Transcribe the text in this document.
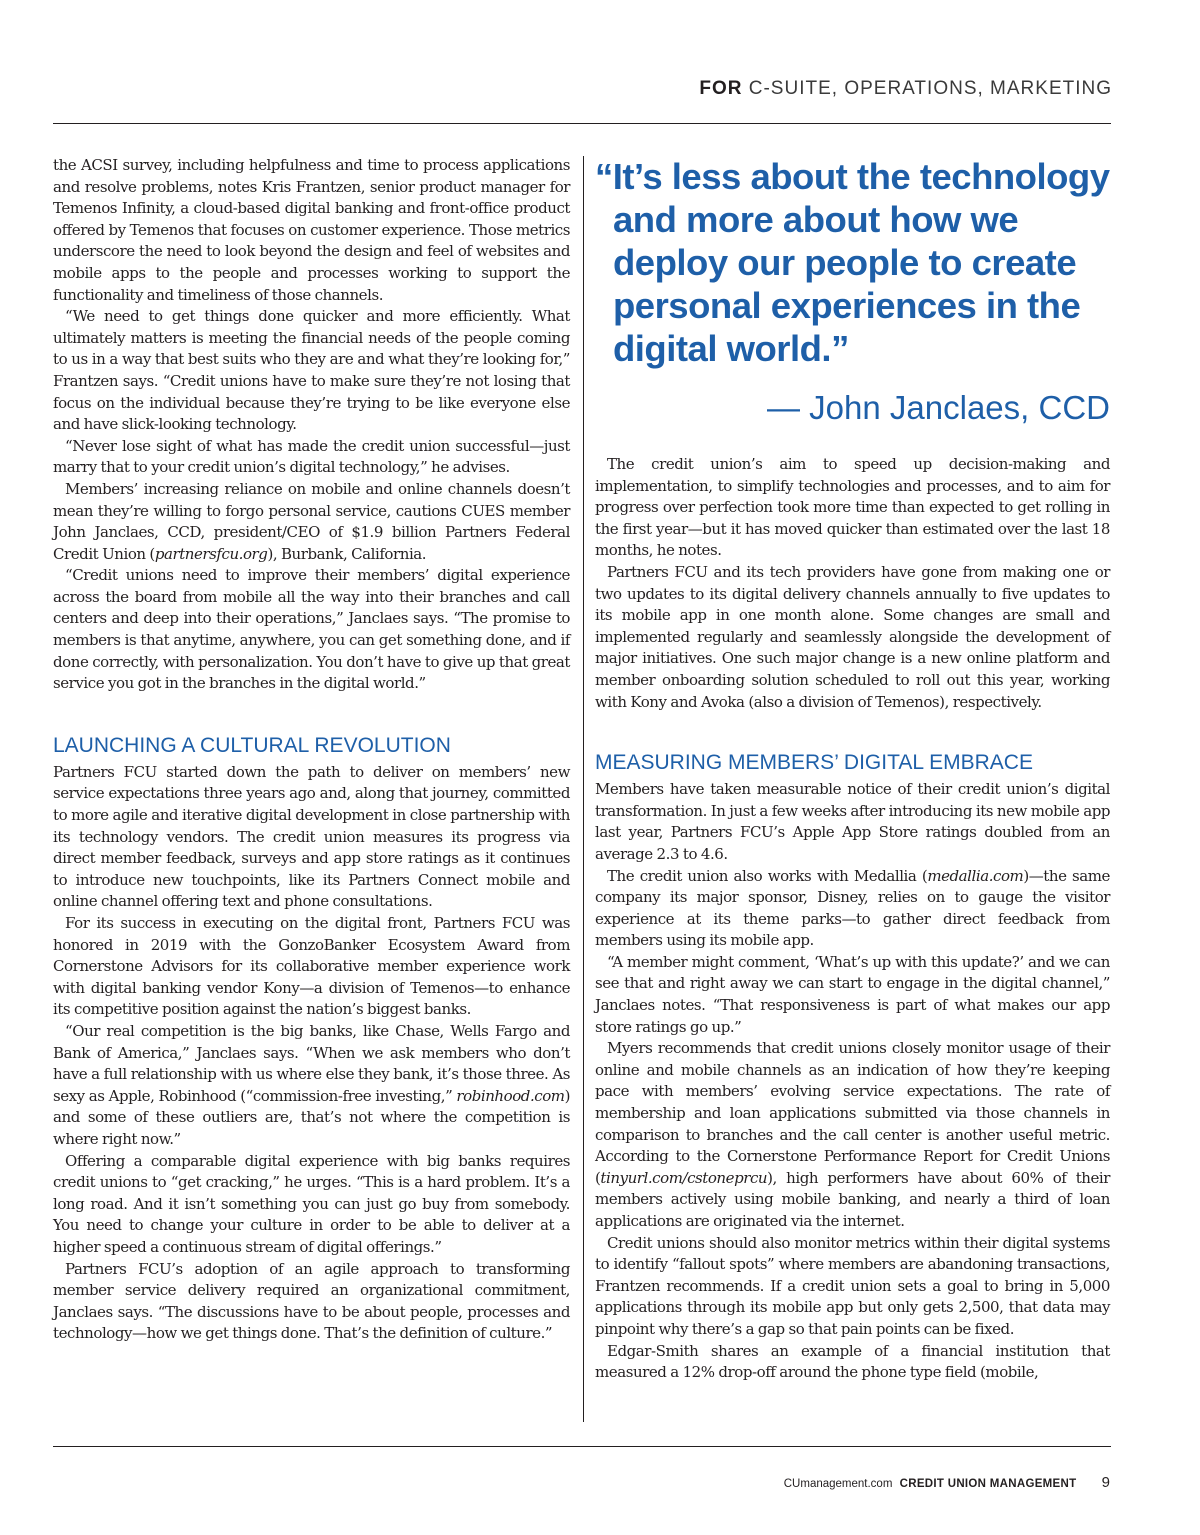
FOR C-SUITE, OPERATIONS, MARKETING

the ACSI survey, including helpfulness and time to process applications and resolve problems, notes Kris Frantzen, senior product manager for Temenos Infinity, a cloud-based digital banking and front-office product offered by Temenos that focuses on customer experience. Those metrics underscore the need to look beyond the design and feel of websites and mobile apps to the people and processes working to support the functionality and timeliness of those channels.

“We need to get things done quicker and more efficiently. What ultimately matters is meeting the financial needs of the people coming to us in a way that best suits who they are and what they’re looking for,” Frantzen says. “Credit unions have to make sure they’re not losing that focus on the individual because they’re trying to be like everyone else and have slick-looking technology.

“Never lose sight of what has made the credit union successful—just marry that to your credit union’s digital technology,” he advises.

Members’ increasing reliance on mobile and online channels doesn’t mean they’re willing to forgo personal service, cautions CUES member John Janclaes, CCD, president/CEO of $1.9 billion Partners Federal Credit Union (partnersfcu.org), Burbank, California.

“Credit unions need to improve their members’ digital experience across the board from mobile all the way into their branches and call centers and deep into their operations,” Janclaes says. “The promise to members is that anytime, anywhere, you can get something done, and if done correctly, with personalization. You don’t have to give up that great service you got in the branches in the digital world.”

LAUNCHING A CULTURAL REVOLUTION

Partners FCU started down the path to deliver on members’ new service expectations three years ago and, along that journey, committed to more agile and iterative digital development in close partnership with its technology vendors. The credit union measures its progress via direct member feedback, surveys and app store ratings as it continues to introduce new touchpoints, like its Partners Connect mobile and online channel offering text and phone consultations.

For its success in executing on the digital front, Partners FCU was honored in 2019 with the GonzoBanker Ecosystem Award from Cornerstone Advisors for its collaborative member experience work with digital banking vendor Kony—a division of Temenos—to enhance its competitive position against the nation’s biggest banks.

“Our real competition is the big banks, like Chase, Wells Fargo and Bank of America,” Janclaes says. “When we ask members who don’t have a full relationship with us where else they bank, it’s those three. As sexy as Apple, Robinhood (“commission-free investing,” robinhood.com) and some of these outliers are, that’s not where the competition is where right now.”

Offering a comparable digital experience with big banks requires credit unions to “get cracking,” he urges. “This is a hard problem. It’s a long road. And it isn’t something you can just go buy from somebody. You need to change your culture in order to be able to deliver at a higher speed a continuous stream of digital offerings.”

Partners FCU’s adoption of an agile approach to transforming member service delivery required an organizational commitment, Janclaes says. “The discussions have to be about people, processes and technology—how we get things done. That’s the definition of culture.”

“It’s less about the technology and more about how we deploy our people to create personal experiences in the digital world.”

— John Janclaes, CCD

The credit union’s aim to speed up decision-making and implementation, to simplify technologies and processes, and to aim for progress over perfection took more time than expected to get rolling in the first year—but it has moved quicker than estimated over the last 18 months, he notes.

Partners FCU and its tech providers have gone from making one or two updates to its digital delivery channels annually to five updates to its mobile app in one month alone. Some changes are small and implemented regularly and seamlessly alongside the development of major initiatives. One such major change is a new online platform and member onboarding solution scheduled to roll out this year, working with Kony and Avoka (also a division of Temenos), respectively.

MEASURING MEMBERS’ DIGITAL EMBRACE

Members have taken measurable notice of their credit union’s digital transformation. In just a few weeks after introducing its new mobile app last year, Partners FCU’s Apple App Store ratings doubled from an average 2.3 to 4.6.

The credit union also works with Medallia (medallia.com)—the same company its major sponsor, Disney, relies on to gauge the visitor experience at its theme parks—to gather direct feedback from members using its mobile app.

“A member might comment, ‘What’s up with this update?’ and we can see that and right away we can start to engage in the digital channel,” Janclaes notes. “That responsiveness is part of what makes our app store ratings go up.”

Myers recommends that credit unions closely monitor usage of their online and mobile channels as an indication of how they’re keeping pace with members’ evolving service expectations. The rate of membership and loan applications submitted via those channels in comparison to branches and the call center is another useful metric. According to the Cornerstone Performance Report for Credit Unions (tinyurl.com/cstoneprcu), high performers have about 60% of their members actively using mobile banking, and nearly a third of loan applications are originated via the internet.

Credit unions should also monitor metrics within their digital systems to identify “fallout spots” where members are abandoning transactions, Frantzen recommends. If a credit union sets a goal to bring in 5,000 applications through its mobile app but only gets 2,500, that data may pinpoint why there’s a gap so that pain points can be fixed.

Edgar-Smith shares an example of a financial institution that measured a 12% drop-off around the phone type field (mobile,

CUmanagement.com CREDIT UNION MANAGEMENT 9
